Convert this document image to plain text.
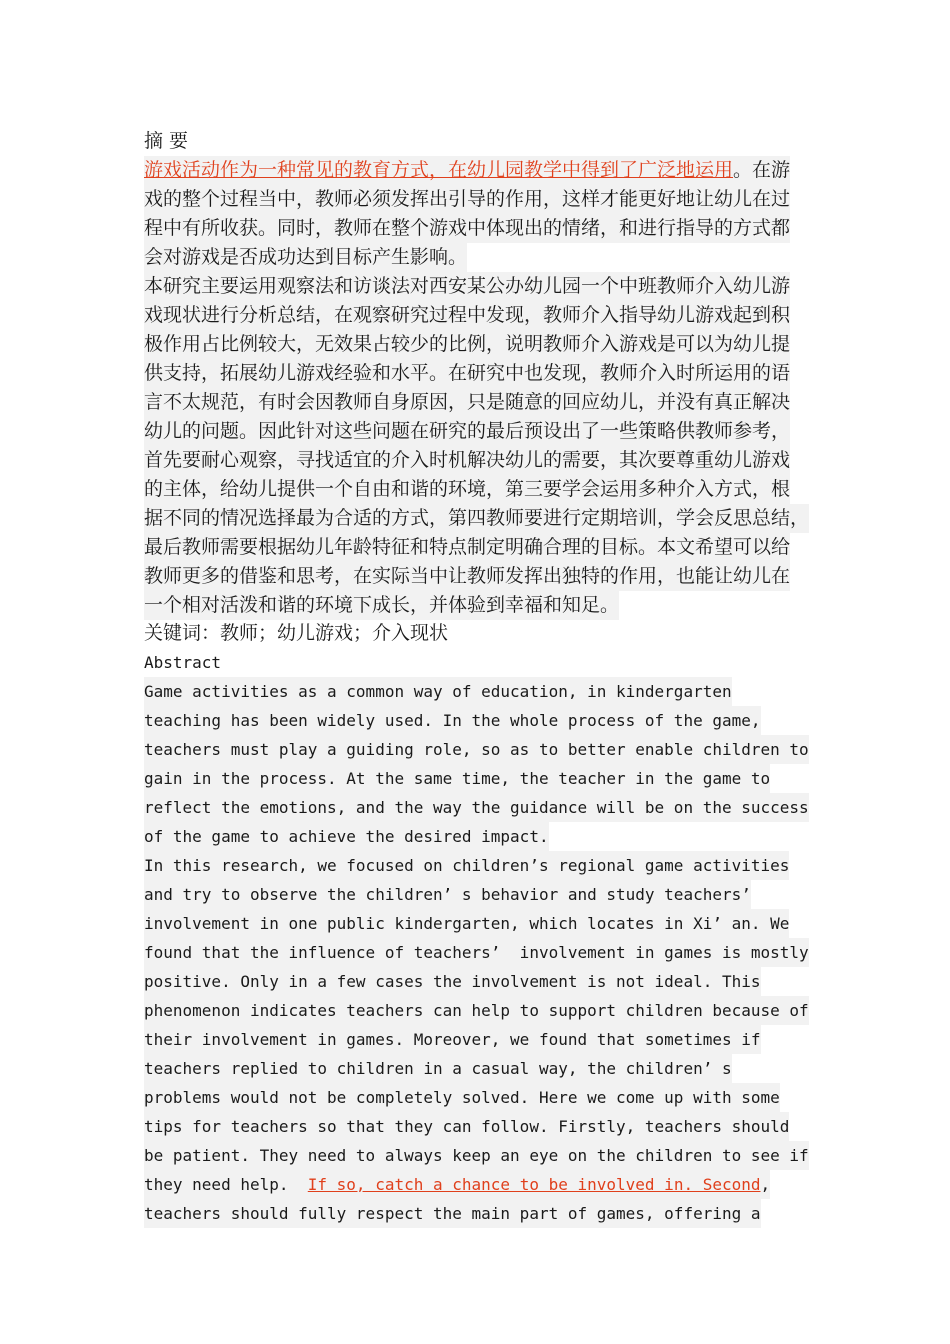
摘 要
游戏活动作为一种常见的教育方式，在幼儿园教学中得到了广泛地运用。在游
戏的整个过程当中，教师必须发挥出引导的作用，这样才能更好地让幼儿在过
程中有所收获。同时，教师在整个游戏中体现出的情绪，和进行指导的方式都
会对游戏是否成功达到目标产生影响。
本研究主要运用观察法和访谈法对西安某公办幼儿园一个中班教师介入幼儿游
戏现状进行分析总结，在观察研究过程中发现，教师介入指导幼儿游戏起到积
极作用占比例较大，无效果占较少的比例，说明教师介入游戏是可以为幼儿提
供支持，拓展幼儿游戏经验和水平。在研究中也发现，教师介入时所运用的语
言不太规范，有时会因教师自身原因，只是随意的回应幼儿，并没有真正解决
幼儿的问题。因此针对这些问题在研究的最后预设出了一些策略供教师参考，
首先要耐心观察，寻找适宜的介入时机解决幼儿的需要，其次要尊重幼儿游戏
的主体，给幼儿提供一个自由和谐的环境，第三要学会运用多种介入方式，根
据不同的情况选择最为合适的方式，第四教师要进行定期培训，学会反思总结，
最后教师需要根据幼儿年龄特征和特点制定明确合理的目标。本文希望可以给
教师更多的借鉴和思考，在实际当中让教师发挥出独特的作用，也能让幼儿在
一个相对活泼和谐的环境下成长，并体验到幸福和知足。
关键词：教师；幼儿游戏；介入现状
Abstract
Game activities as a common way of education, in kindergarten
teaching has been widely used. In the whole process of the game,
teachers must play a guiding role, so as to better enable children to
gain in the process. At the same time, the teacher in the game to
reflect the emotions, and the way the guidance will be on the success
of the game to achieve the desired impact.
In this research, we focused on children’s regional game activities
and try to observe the children’ s behavior and study teachers’
involvement in one public kindergarten, which locates in Xi’ an. We
found that the influence of teachers’  involvement in games is mostly
positive. Only in a few cases the involvement is not ideal. This
phenomenon indicates teachers can help to support children because of
their involvement in games. Moreover, we found that sometimes if
teachers replied to children in a casual way, the children’ s
problems would not be completely solved. Here we come up with some
tips for teachers so that they can follow. Firstly, teachers should
be patient. They need to always keep an eye on the children to see if
they need help.  If so, catch a chance to be involved in. Second,
teachers should fully respect the main part of games, offering a
